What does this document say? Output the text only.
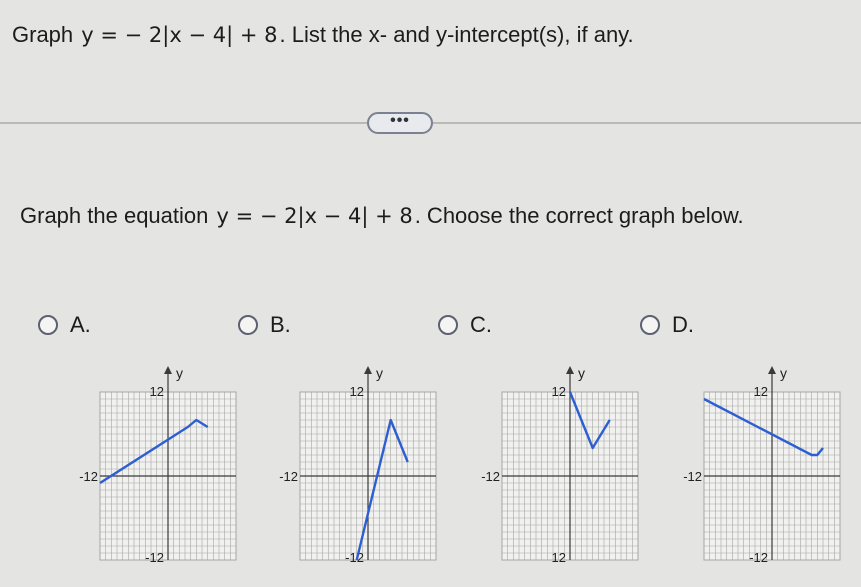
Graph y = − 2|x − 4| + 8. List the x- and y-intercept(s), if any.
•••
Graph the equation y = − 2|x − 4| + 8. Choose the correct graph below.
A.	B.	C.	D.
y
12
-12
-12
y
12
-12
-12
y
12
-12
12
y
12
-12
-12
